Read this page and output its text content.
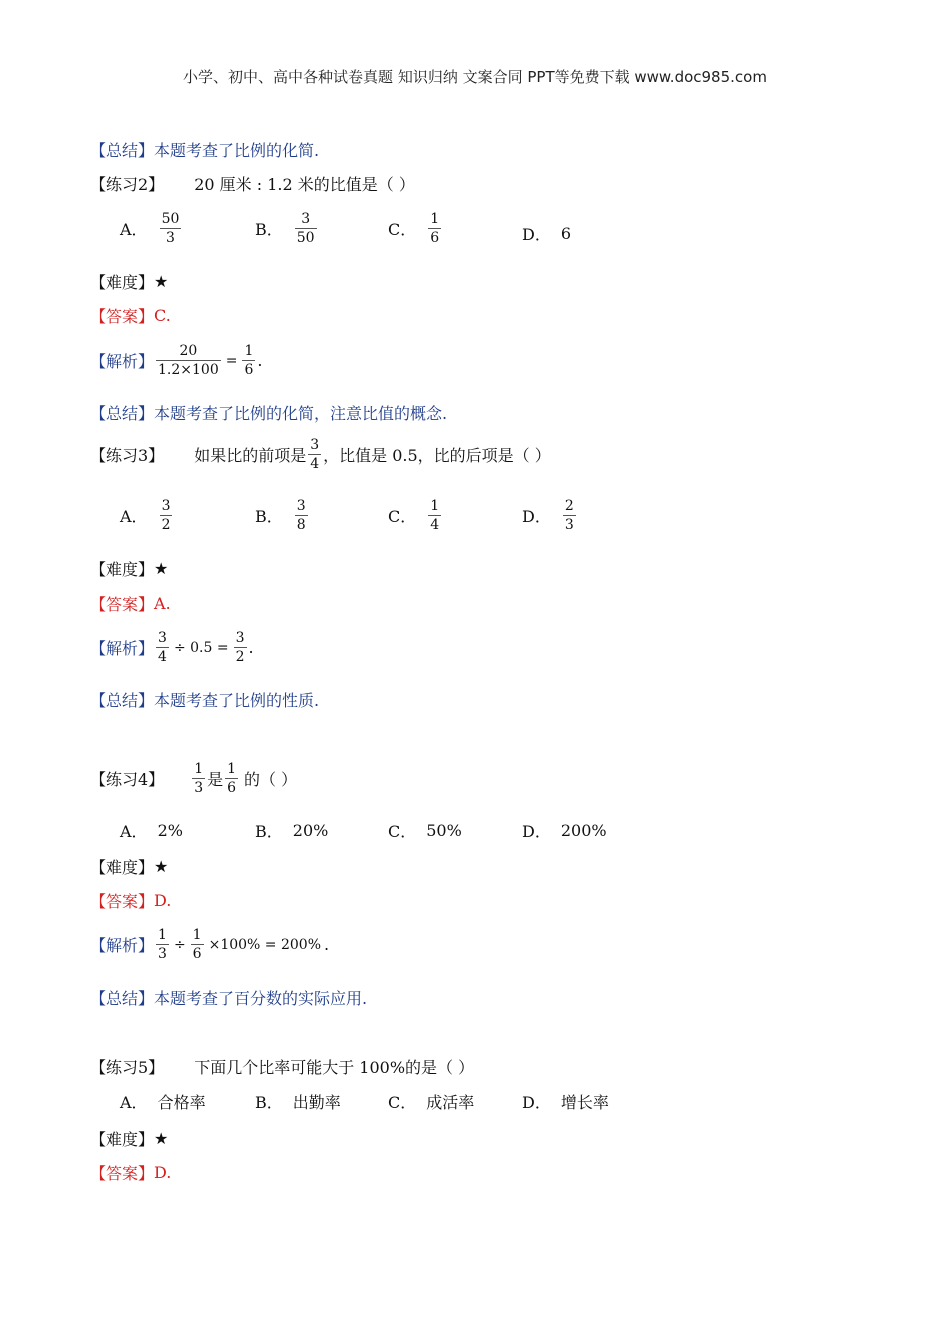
小学、初中、高中各种试卷真题 知识归纳 文案合同 PPT等免费下载 www.doc985.com
【总结】 本题考查了比例的化简.
【练习2】 20 厘米 : 1.2 米的比值是（ ）
A． $\frac{50}{3}$	B． $\frac{3}{50}$	C． $\frac{1}{6}$	D． 6
【难度】 ★
【答案】 C.
【解析】 $\frac{20}{1.2\times 100} = \frac{1}{6}$ .
【总结】 本题考查了比例的化简，注意比值的概念.
【练习3】 如果比的前项是 $\frac{3}{4}$ ，比值是 0.5，比的后项是（ ）
A． $\frac{3}{2}$	B． $\frac{3}{8}$	C． $\frac{1}{4}$	D． $\frac{2}{3}$
【难度】 ★
【答案】 A.
【解析】 $\frac{3}{4} \div 0.5 = \frac{3}{2}$ .
【总结】 本题考查了比例的性质.
【练习4】 $\frac{1}{3}$ 是 $\frac{1}{6}$ 的（ ）
A． 2%	B． 20%	C． 50%	D． 200%
【难度】 ★
【答案】 D.
【解析】 $\frac{1}{3} \div \frac{1}{6} \times 100\% = 200\%$ .
【总结】 本题考查了百分数的实际应用.
【练习5】 下面几个比率可能大于 100%的是（ ）
A． 合格率	B． 出勤率	C． 成活率	D． 增长率
【难度】 ★
【答案】 D.
